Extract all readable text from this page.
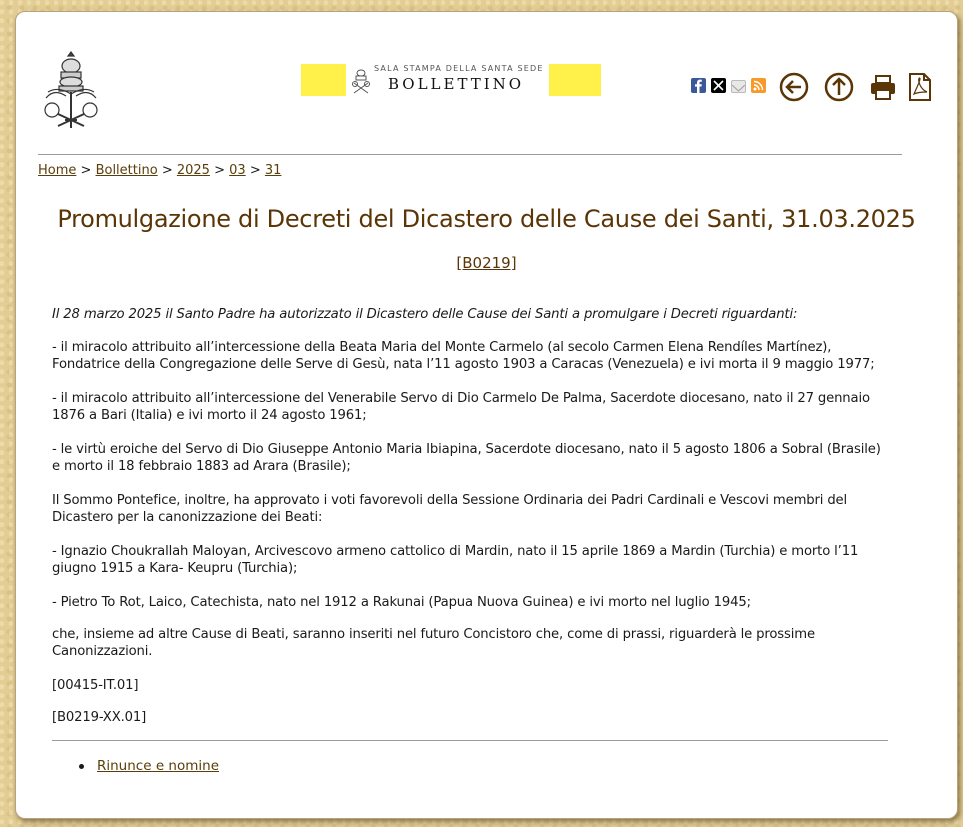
SALA STAMPA DELLA SANTA SEDE
BOLLETTINO
Home > Bollettino > 2025 > 03 > 31
Promulgazione di Decreti del Dicastero delle Cause dei Santi, 31.03.2025
[B0219]

Il 28 marzo 2025 il Santo Padre ha autorizzato il Dicastero delle Cause dei Santi a promulgare i Decreti riguardanti:

- il miracolo attribuito all’intercessione della Beata Maria del Monte Carmelo (al secolo Carmen Elena Rendíles Martínez), Fondatrice della Congregazione delle Serve di Gesù, nata l’11 agosto 1903 a Caracas (Venezuela) e ivi morta il 9 maggio 1977;

- il miracolo attribuito all’intercessione del Venerabile Servo di Dio Carmelo De Palma, Sacerdote diocesano, nato il 27 gennaio 1876 a Bari (Italia) e ivi morto il 24 agosto 1961;

- le virtù eroiche del Servo di Dio Giuseppe Antonio Maria Ibiapina, Sacerdote diocesano, nato il 5 agosto 1806 a Sobral (Brasile) e morto il 18 febbraio 1883 ad Arara (Brasile);

Il Sommo Pontefice, inoltre, ha approvato i voti favorevoli della Sessione Ordinaria dei Padri Cardinali e Vescovi membri del Dicastero per la canonizzazione dei Beati:

- Ignazio Choukrallah Maloyan, Arcivescovo armeno cattolico di Mardin, nato il 15 aprile 1869 a Mardin (Turchia) e morto l’11 giugno 1915 a Kara- Keupru (Turchia);

- Pietro To Rot, Laico, Catechista, nato nel 1912 a Rakunai (Papua Nuova Guinea) e ivi morto nel luglio 1945;

che, insieme ad altre Cause di Beati, saranno inseriti nel futuro Concistoro che, come di prassi, riguarderà le prossime Canonizzazioni.

[00415-IT.01]

[B0219-XX.01]

Rinunce e nomine
